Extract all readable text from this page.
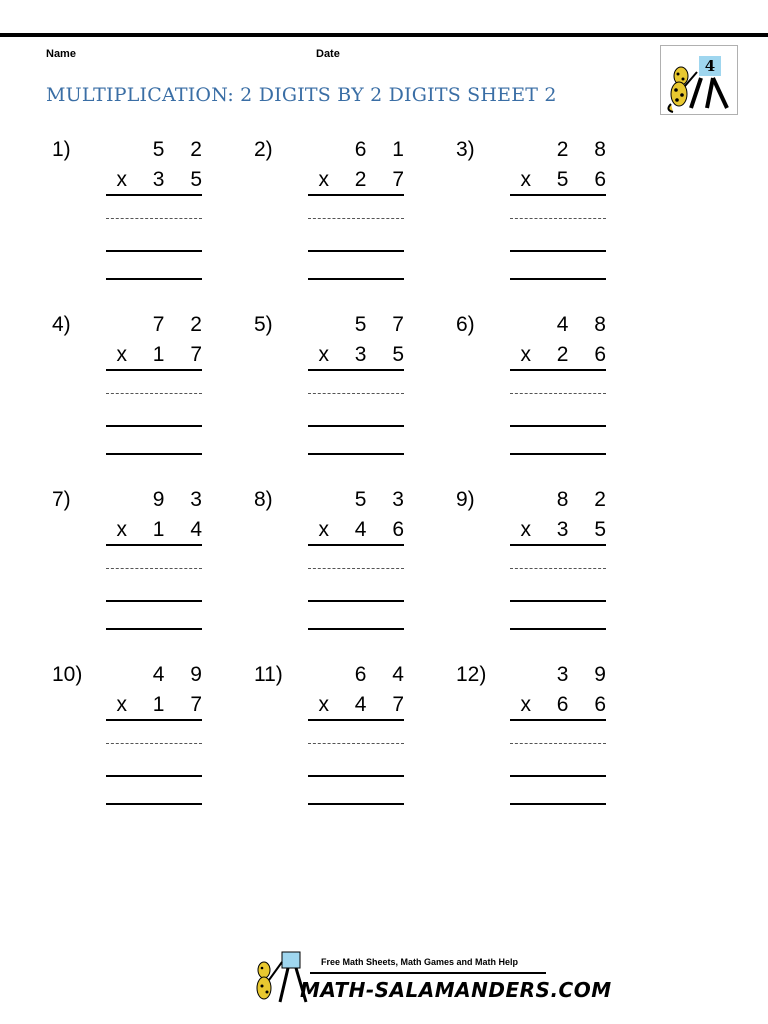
Name	Date
MULTIPLICATION: 2 DIGITS BY 2 DIGITS SHEET 2
4
1)	5 2
x 3 5
2)	6 1
x 2 7
3)	2 8
x 5 6
4)	7 2
x 1 7
5)	5 7
x 3 5
6)	4 8
x 2 6
7)	9 3
x 1 4
8)	5 3
x 4 6
9)	8 2
x 3 5
10)	4 9
x 1 7
11)	6 4
x 4 7
12)	3 9
x 6 6
Free Math Sheets, Math Games and Math Help
MATH-SALAMANDERS.COM
